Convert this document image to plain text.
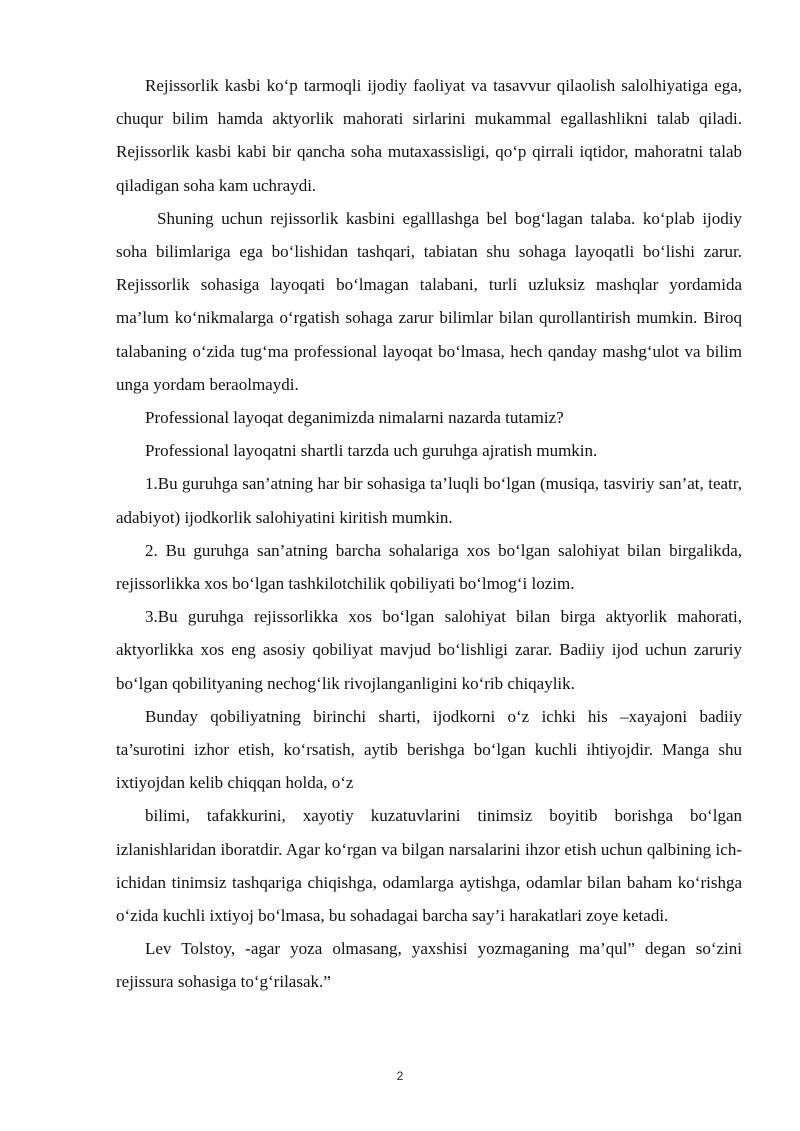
Rejissorlik kasbi ko‘p tarmoqli ijodiy faoliyat va tasavvur qilaolish salolhiyatiga ega, chuqur bilim hamda aktyorlik mahorati sirlarini mukammal egallashlikni talab qiladi. Rejissorlik kasbi kabi bir qancha soha mutaxassisligi, qo‘p qirrali iqtidor, mahoratni talab qiladigan soha kam uchraydi.

Shuning uchun rejissorlik kasbini egalllashga bel bog‘lagan talaba. ko‘plab ijodiy soha bilimlariga ega bo‘lishidan tashqari, tabiatan shu sohaga layoqatli bo‘lishi zarur. Rejissorlik sohasiga layoqati bo‘lmagan talabani, turli uzluksiz mashqlar yordamida ma’lum ko‘nikmalarga o‘rgatish sohaga zarur bilimlar bilan qurollantirish mumkin. Biroq talabaning o‘zida tug‘ma professional layoqat bo‘lmasa, hech qanday mashg‘ulot va bilim unga yordam beraolmaydi.

Professional layoqat deganimizda nimalarni nazarda tutamiz?

Professional layoqatni shartli tarzda uch guruhga ajratish mumkin.

1.Bu guruhga san’atning har bir sohasiga ta’luqli bo‘lgan (musiqa, tasviriy san’at, teatr, adabiyot) ijodkorlik salohiyatini kiritish mumkin.

2. Bu guruhga san’atning barcha sohalariga xos bo‘lgan salohiyat bilan birgalikda, rejissorlikka xos bo‘lgan tashkilotchilik qobiliyati bo‘lmog‘i lozim.

3.Bu guruhga rejissorlikka xos bo‘lgan salohiyat bilan birga aktyorlik mahorati, aktyorlikka xos eng asosiy qobiliyat mavjud bo‘lishligi zarar. Badiiy ijod uchun zaruriy bo‘lgan qobilityaning nechog‘lik rivojlanganligini ko‘rib chiqaylik.

Bunday qobiliyatning birinchi sharti, ijodkorni o‘z ichki his –xayajoni badiiy ta’surotini izhor etish, ko‘rsatish, aytib berishga bo‘lgan kuchli ihtiyojdir. Manga shu ixtiyojdan kelib chiqqan holda, o‘z

bilimi, tafakkurini, xayotiy kuzatuvlarini tinimsiz boyitib borishga bo‘lgan izlanishlaridan iboratdir. Agar ko‘rgan va bilgan narsalarini ihzor etish uchun qalbining ich-ichidan tinimsiz tashqariga chiqishga, odamlarga aytishga, odamlar bilan baham ko‘rishga o‘zida kuchli ixtiyoj bo‘lmasa, bu sohadagai barcha say’i harakatlari zoye ketadi.

Lev Tolstoy, -agar yoza olmasang, yaxshisi yozmaganing ma’qul” degan so‘zini rejissura sohasiga to‘g‘rilasak.”

2
